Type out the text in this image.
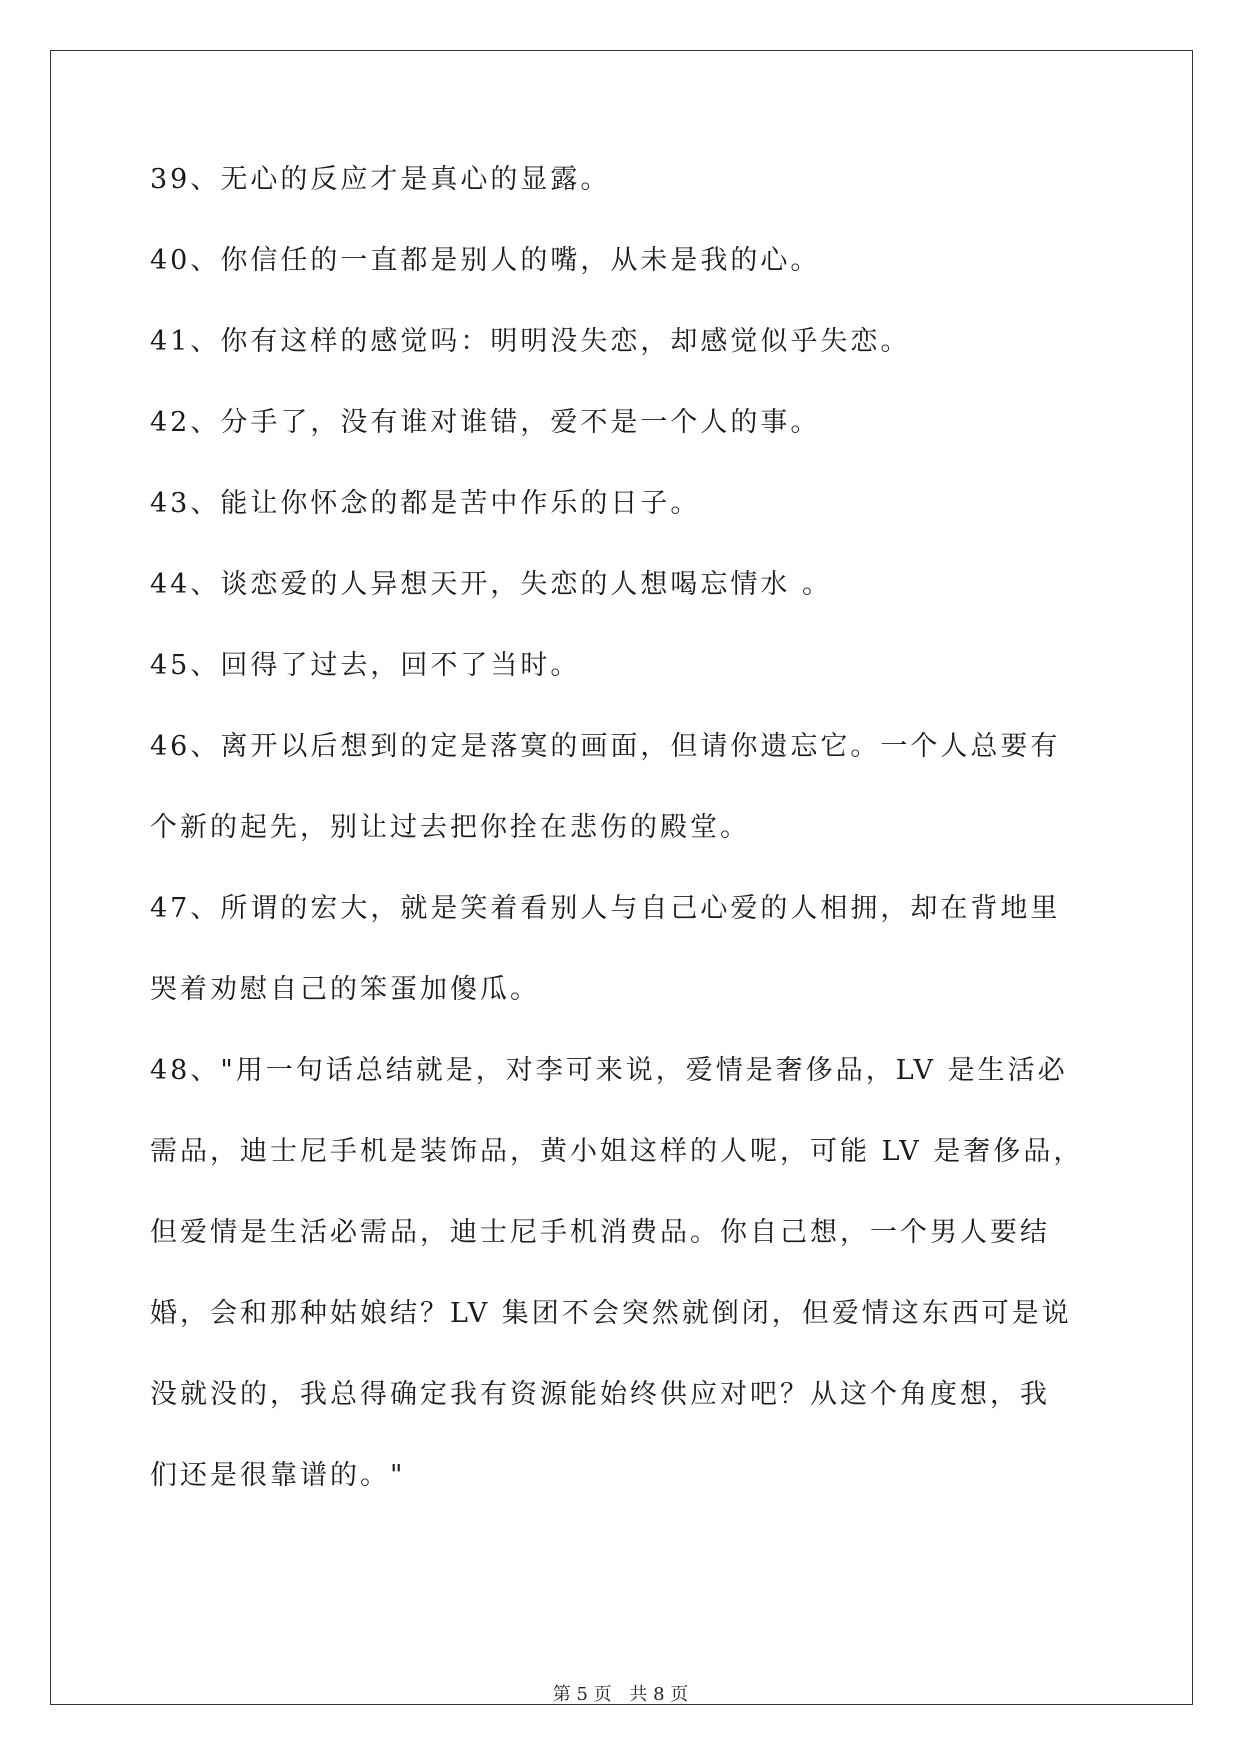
39、无心的反应才是真心的显露。
40、你信任的一直都是别人的嘴，从未是我的心。
41、你有这样的感觉吗：明明没失恋，却感觉似乎失恋。
42、分手了，没有谁对谁错，爱不是一个人的事。
43、能让你怀念的都是苦中作乐的日子。
44、谈恋爱的人异想天开，失恋的人想喝忘情水 。
45、回得了过去，回不了当时。
46、离开以后想到的定是落寞的画面，但请你遗忘它。一个人总要有
个新的起先，别让过去把你拴在悲伤的殿堂。
47、所谓的宏大，就是笑着看别人与自己心爱的人相拥，却在背地里
哭着劝慰自己的笨蛋加傻瓜。
48、"用一句话总结就是，对李可来说，爱情是奢侈品，LV 是生活必
需品，迪士尼手机是装饰品，黄小姐这样的人呢，可能 LV 是奢侈品，
但爱情是生活必需品，迪士尼手机消费品。你自己想，一个男人要结
婚，会和那种姑娘结？LV 集团不会突然就倒闭，但爱情这东西可是说
没就没的，我总得确定我有资源能始终供应对吧？从这个角度想，我
们还是很靠谱的。"
第 5 页 共 8 页
